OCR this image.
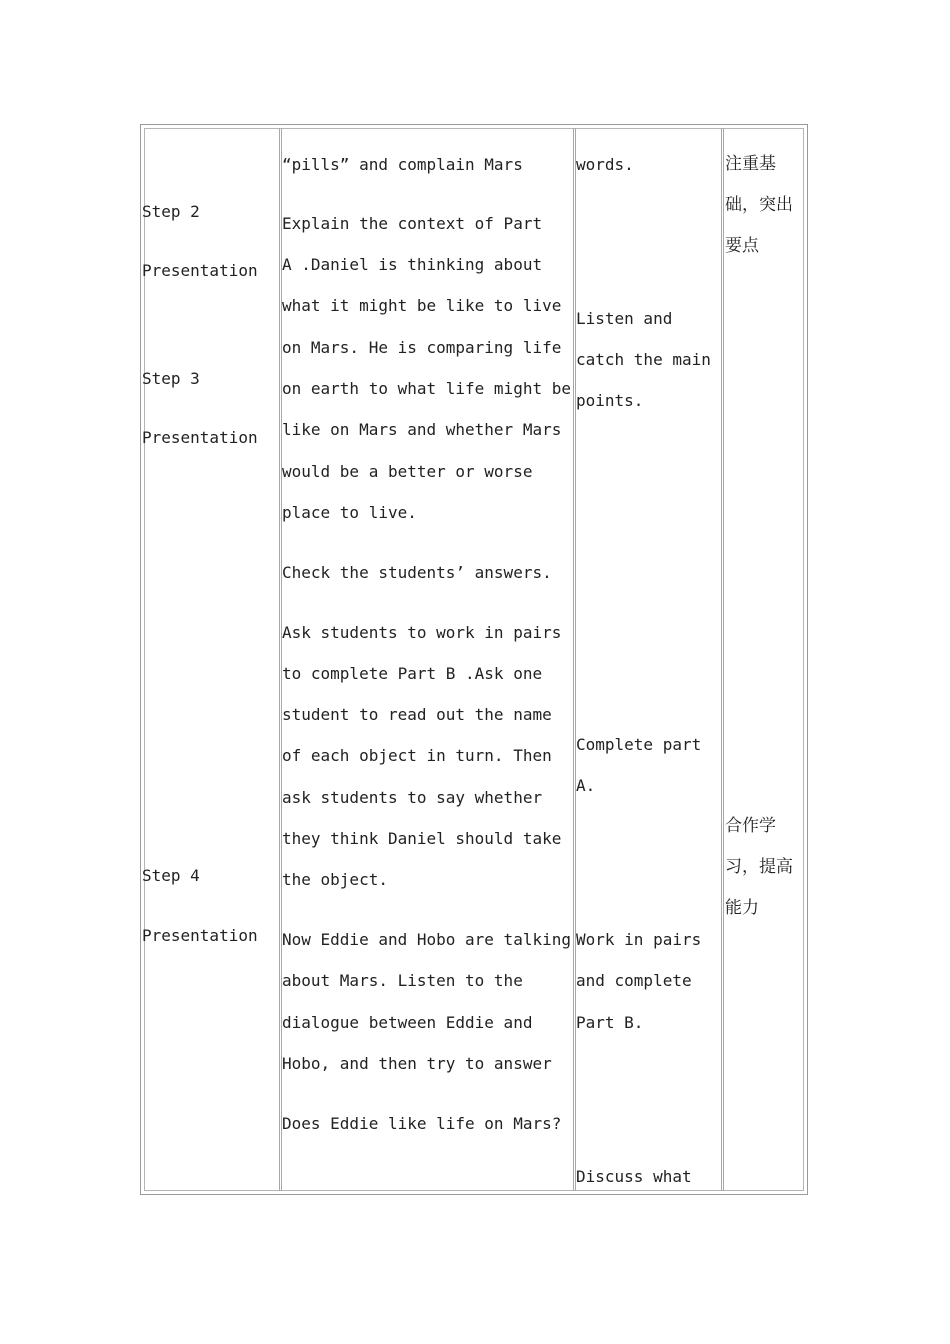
Step 2
Presentation
Step 3
Presentation
Step 4
Presentation
“pills” and complain Mars
Explain the context of Part
A .Daniel is thinking about
what it might be like to live
on Mars. He is comparing life
on earth to what life might be
like on Mars and whether Mars
would be a better or worse
place to live.
Check the students’ answers.
Ask students to work in pairs
to complete Part B .Ask one
student to read out the name
of each object in turn. Then
ask students to say whether
they think Daniel should take
the object.
Now Eddie and Hobo are talking
about Mars. Listen to the
dialogue between Eddie and
Hobo, and then try to answer
Does Eddie like life on Mars?
words.
Listen and
catch the main
points.
Complete part
A.
Work in pairs
and complete
Part B.
Discuss what
注重基
础，突出
要点
合作学
习，提高
能力
